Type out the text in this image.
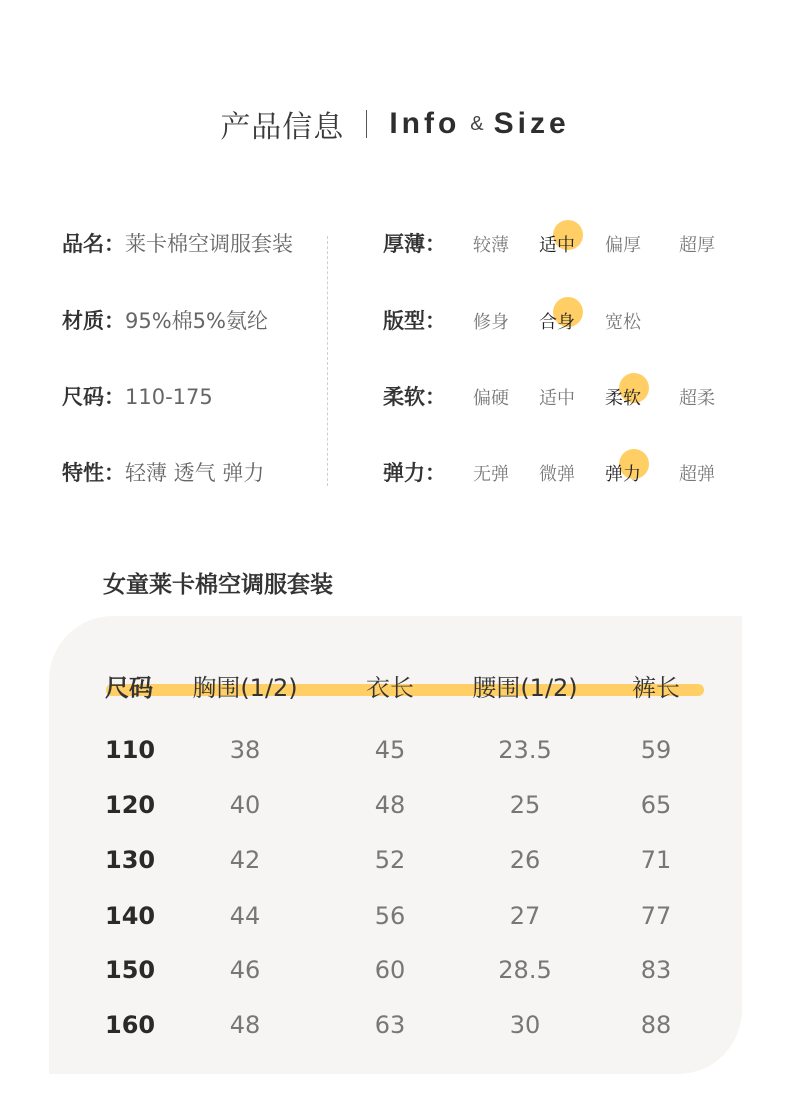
产品信息 Info & Size
品名：莱卡棉空调服套装
材质：95%棉5%氨纶
尺码：110-175
特性：轻薄 透气 弹力
厚薄： 较薄 适中 偏厚 超厚
版型： 修身 合身 宽松
柔软： 偏硬 适中 柔软 超柔
弹力： 无弹 微弹 弹力 超弹
女童莱卡棉空调服套装
尺码 胸围(1/2)	衣长 腰围(1/2) 裤长
110	38	45	23.5	59
120	40	48	25	65
130	42	52	26	71
140	44	56	27	77
150	46	60	28.5	83
160	48	63	30	88
